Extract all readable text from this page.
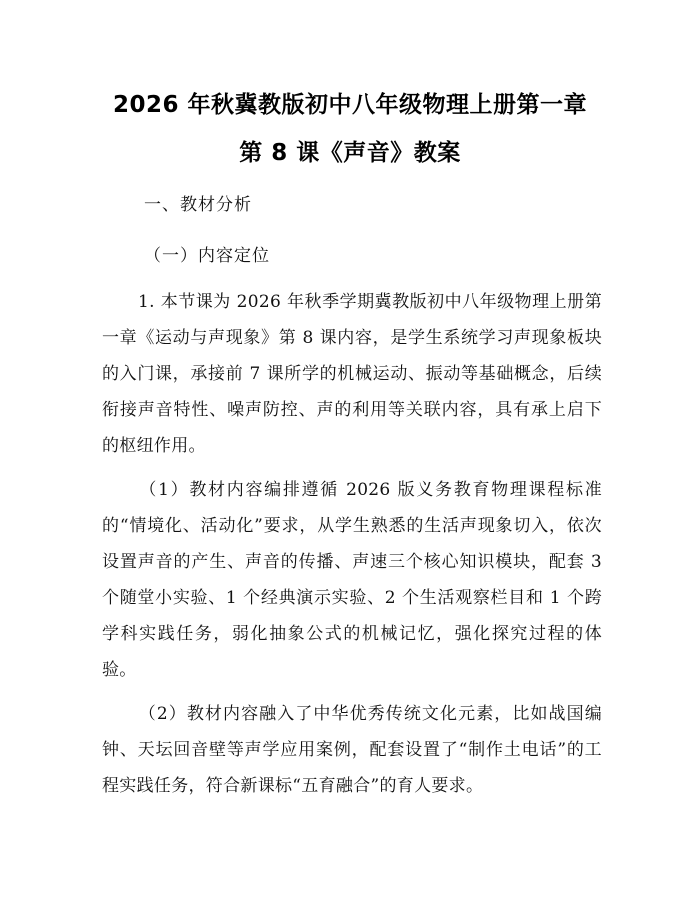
2026 年秋冀教版初中八年级物理上册第一章
第 8 课《声音》教案
一、教材分析
（一）内容定位
1. 本节课为 2026 年秋季学期冀教版初中八年级物理上册第一章《运动与声现象》第 8 课内容，是学生系统学习声现象板块的入门课，承接前 7 课所学的机械运动、振动等基础概念，后续衔接声音特性、噪声防控、声的利用等关联内容，具有承上启下的枢纽作用。
（1）教材内容编排遵循 2026 版义务教育物理课程标准的“情境化、活动化”要求，从学生熟悉的生活声现象切入，依次设置声音的产生、声音的传播、声速三个核心知识模块，配套 3 个随堂小实验、1 个经典演示实验、2 个生活观察栏目和 1 个跨学科实践任务，弱化抽象公式的机械记忆，强化探究过程的体验。
（2）教材内容融入了中华优秀传统文化元素，比如战国编钟、天坛回音壁等声学应用案例，配套设置了“制作土电话”的工程实践任务，符合新课标“五育融合”的育人要求。
